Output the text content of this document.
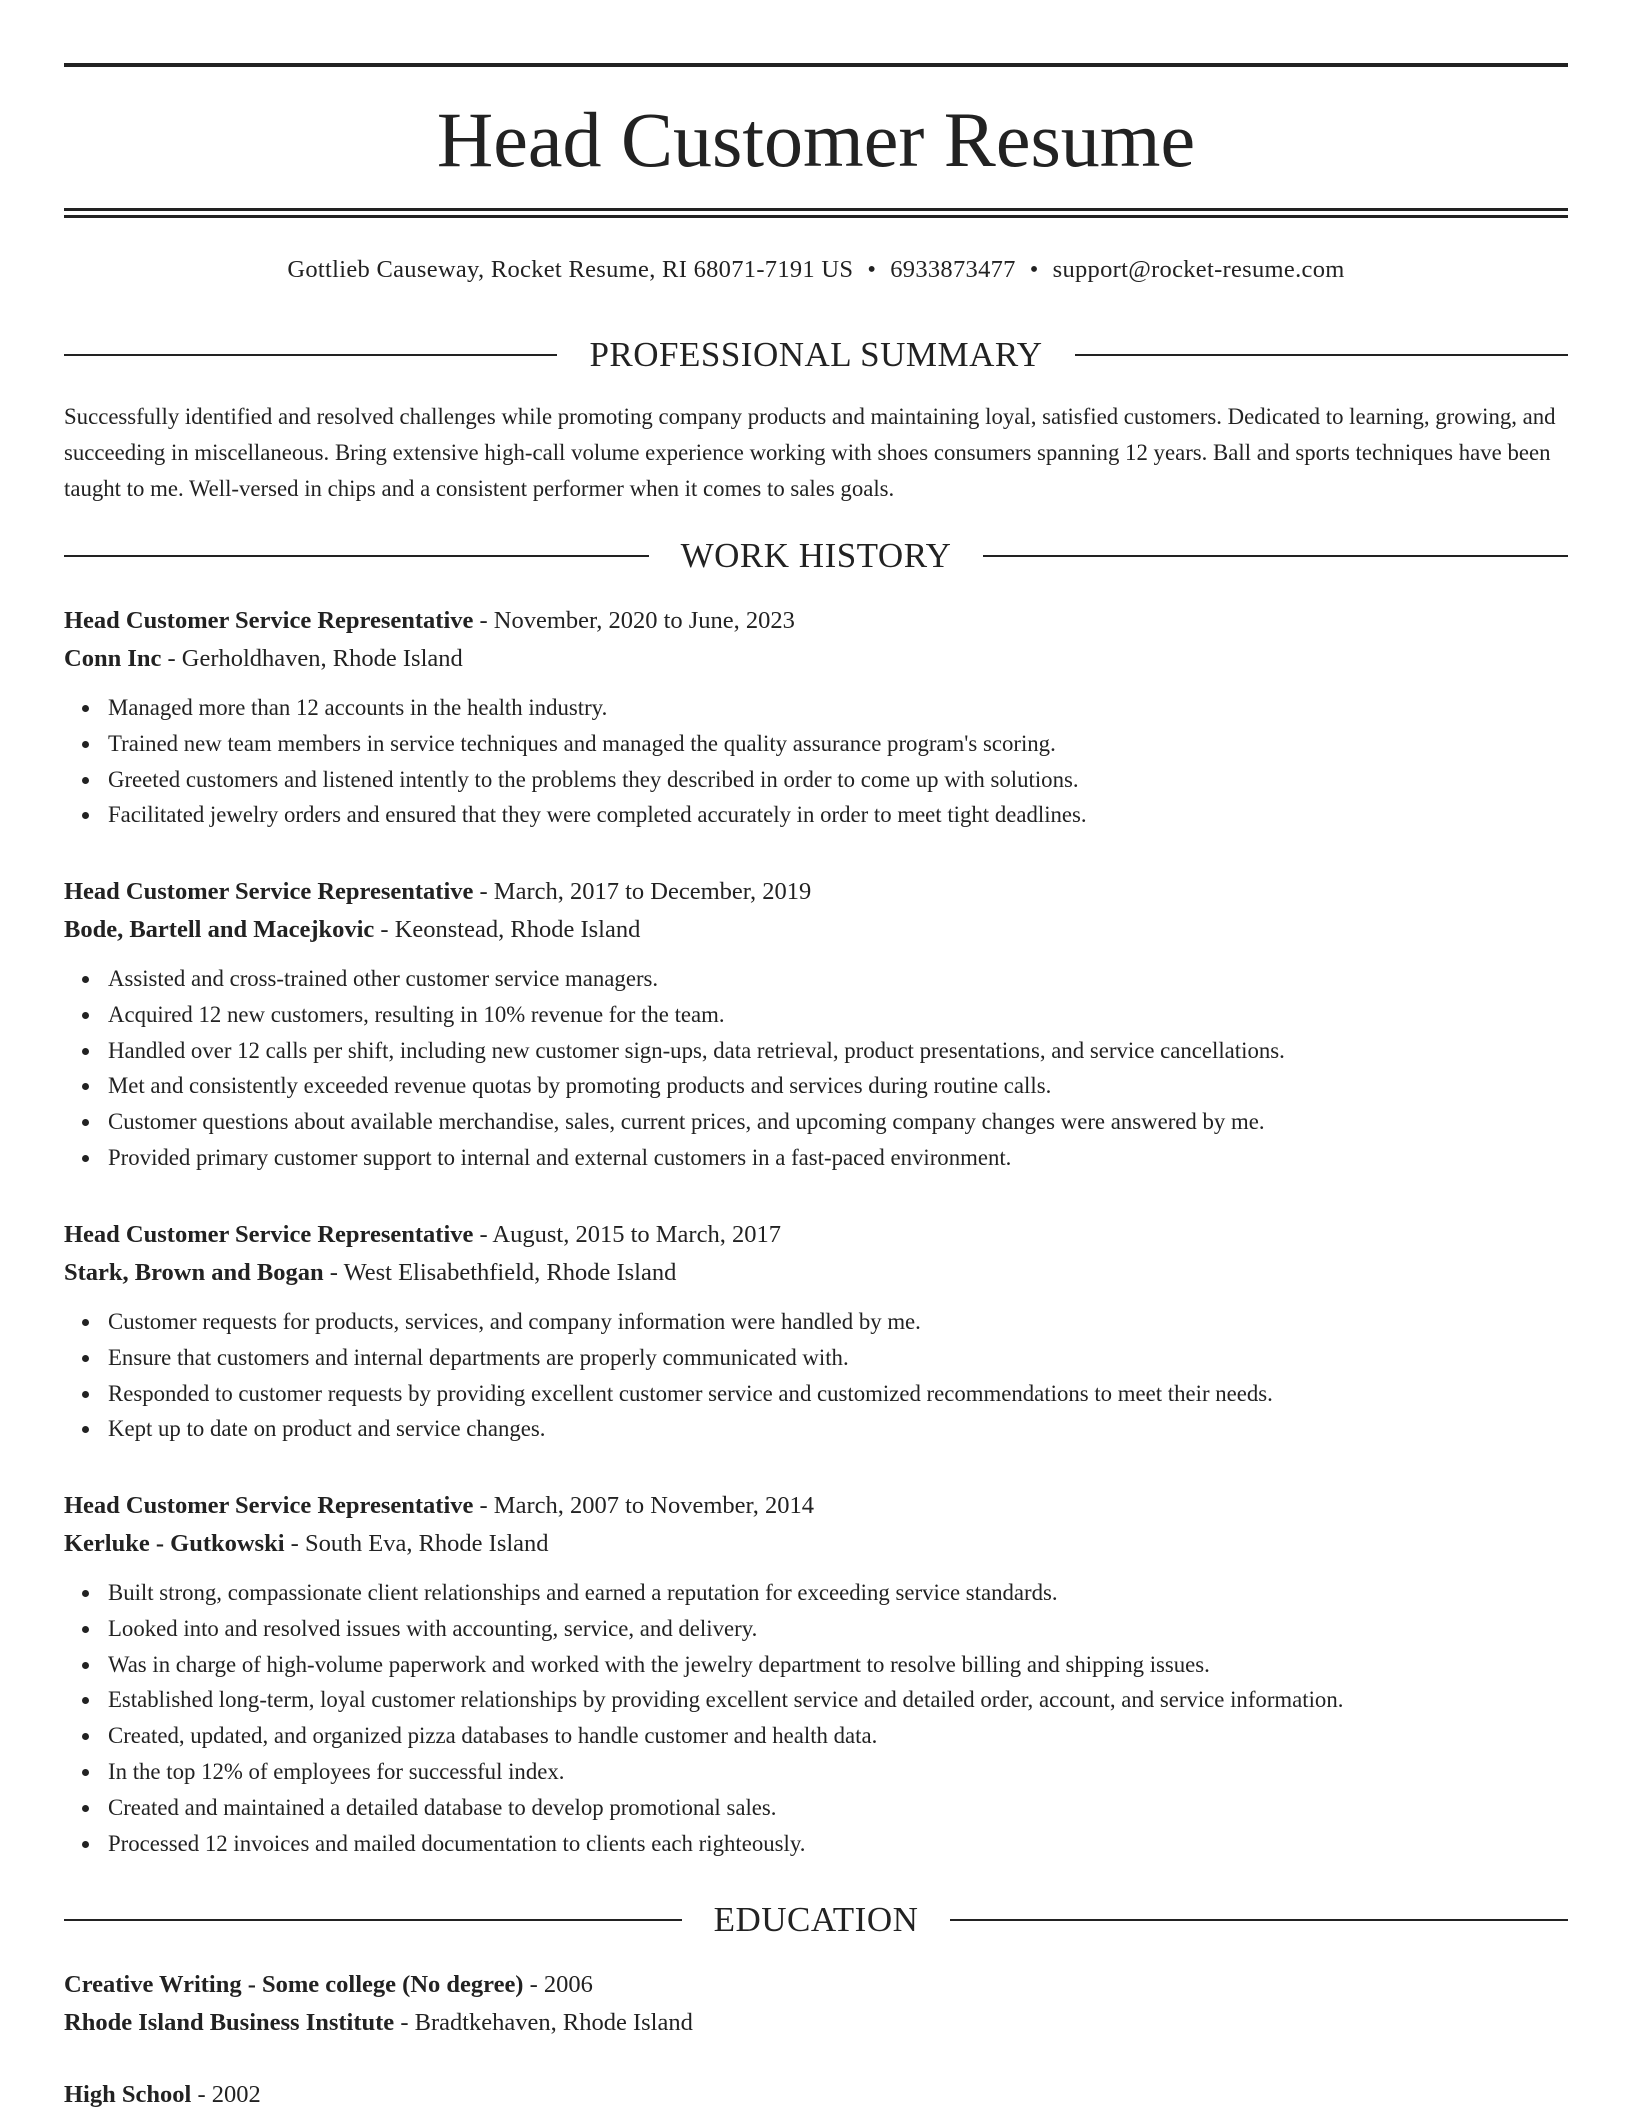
Head Customer Resume
Gottlieb Causeway, Rocket Resume, RI 68071-7191 US • 6933873477 • support@rocket-resume.com
PROFESSIONAL SUMMARY

Successfully identified and resolved challenges while promoting company products and maintaining loyal, satisfied customers. Dedicated to learning, growing, and succeeding in miscellaneous. Bring extensive high-call volume experience working with shoes consumers spanning 12 years. Ball and sports techniques have been taught to me. Well-versed in chips and a consistent performer when it comes to sales goals.

WORK HISTORY
Head Customer Service Representative - November, 2020 to June, 2023
Conn Inc - Gerholdhaven, Rhode Island
Managed more than 12 accounts in the health industry.
Trained new team members in service techniques and managed the quality assurance program's scoring.
Greeted customers and listened intently to the problems they described in order to come up with solutions.
Facilitated jewelry orders and ensured that they were completed accurately in order to meet tight deadlines.
Head Customer Service Representative - March, 2017 to December, 2019
Bode, Bartell and Macejkovic - Keonstead, Rhode Island
Assisted and cross-trained other customer service managers.
Acquired 12 new customers, resulting in 10% revenue for the team.
Handled over 12 calls per shift, including new customer sign-ups, data retrieval, product presentations, and service cancellations.
Met and consistently exceeded revenue quotas by promoting products and services during routine calls.
Customer questions about available merchandise, sales, current prices, and upcoming company changes were answered by me.
Provided primary customer support to internal and external customers in a fast-paced environment.
Head Customer Service Representative - August, 2015 to March, 2017
Stark, Brown and Bogan - West Elisabethfield, Rhode Island
Customer requests for products, services, and company information were handled by me.
Ensure that customers and internal departments are properly communicated with.
Responded to customer requests by providing excellent customer service and customized recommendations to meet their needs.
Kept up to date on product and service changes.
Head Customer Service Representative - March, 2007 to November, 2014
Kerluke - Gutkowski - South Eva, Rhode Island
Built strong, compassionate client relationships and earned a reputation for exceeding service standards.
Looked into and resolved issues with accounting, service, and delivery.
Was in charge of high-volume paperwork and worked with the jewelry department to resolve billing and shipping issues.
Established long-term, loyal customer relationships by providing excellent service and detailed order, account, and service information.
Created, updated, and organized pizza databases to handle customer and health data.
In the top 12% of employees for successful index.
Created and maintained a detailed database to develop promotional sales.
Processed 12 invoices and mailed documentation to clients each righteously.
EDUCATION
Creative Writing - Some college (No degree) - 2006
Rhode Island Business Institute - Bradtkehaven, Rhode Island
High School - 2002
